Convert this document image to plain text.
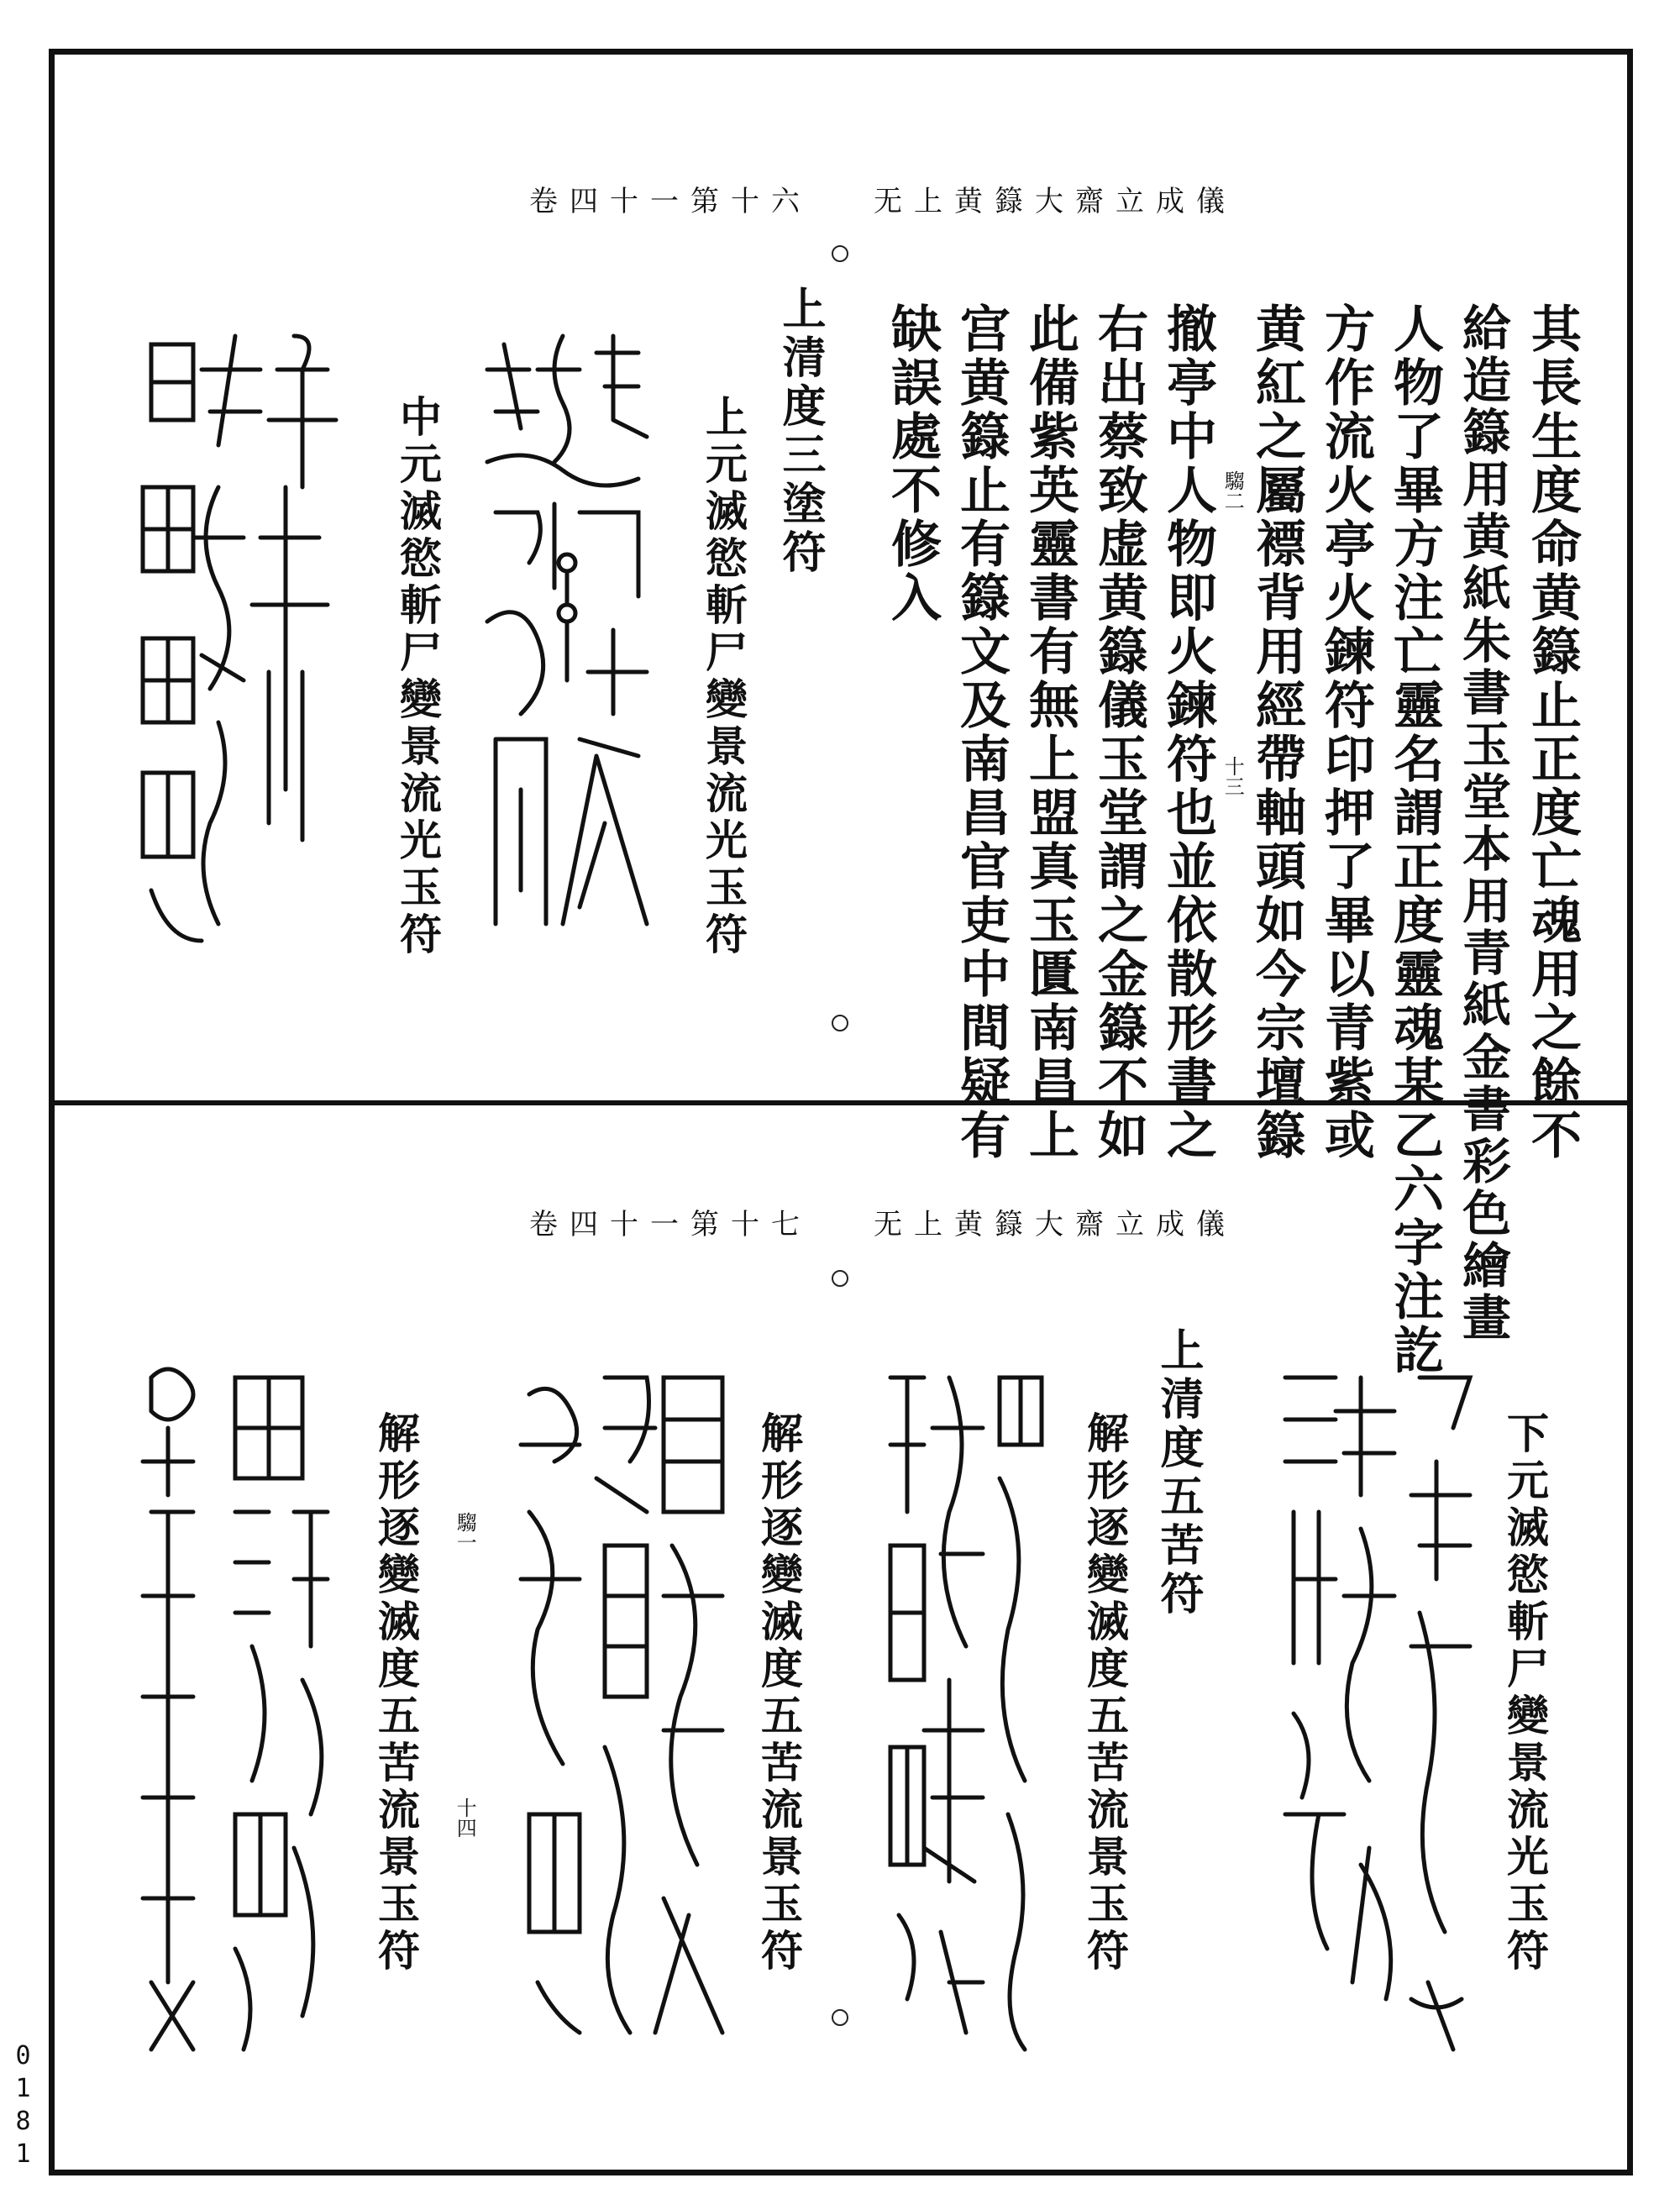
无上黄籙大齋立成儀
卷四十一第十六
其長生度命黄籙止正度亡魂用之餘不
給造籙用黄紙朱書玉堂本用青紙金書彩色繪畫
人物了畢方注亡靈名謂正度靈魂某乙六字注訖
方作流火亭火鍊符印押了畢以青紫或
黄紅之屬褾背用經帶軸頭如今宗壇籙
撤亭中人物即火鍊符也並依散形書之
右出蔡致虚黄籙儀玉堂謂之金籙不如
此備紫英靈書有無上盟真玉匱南昌上
宫黄籙止有籙文及南昌官吏中間疑有
缺誤處不修入	騶二
十三
上清度三塗符
上元滅慾斬尸變景流光玉符
中元滅慾斬尸變景流光玉符
无上黄籙大齋立成儀
卷四十一第十七
下元滅慾斬尸變景流光玉符
上清度五苦符
解形逐變滅度五苦流景玉符
解形逐變滅度五苦流景玉符
騶一
十四
解形逐變滅度五苦流景玉符
0181
